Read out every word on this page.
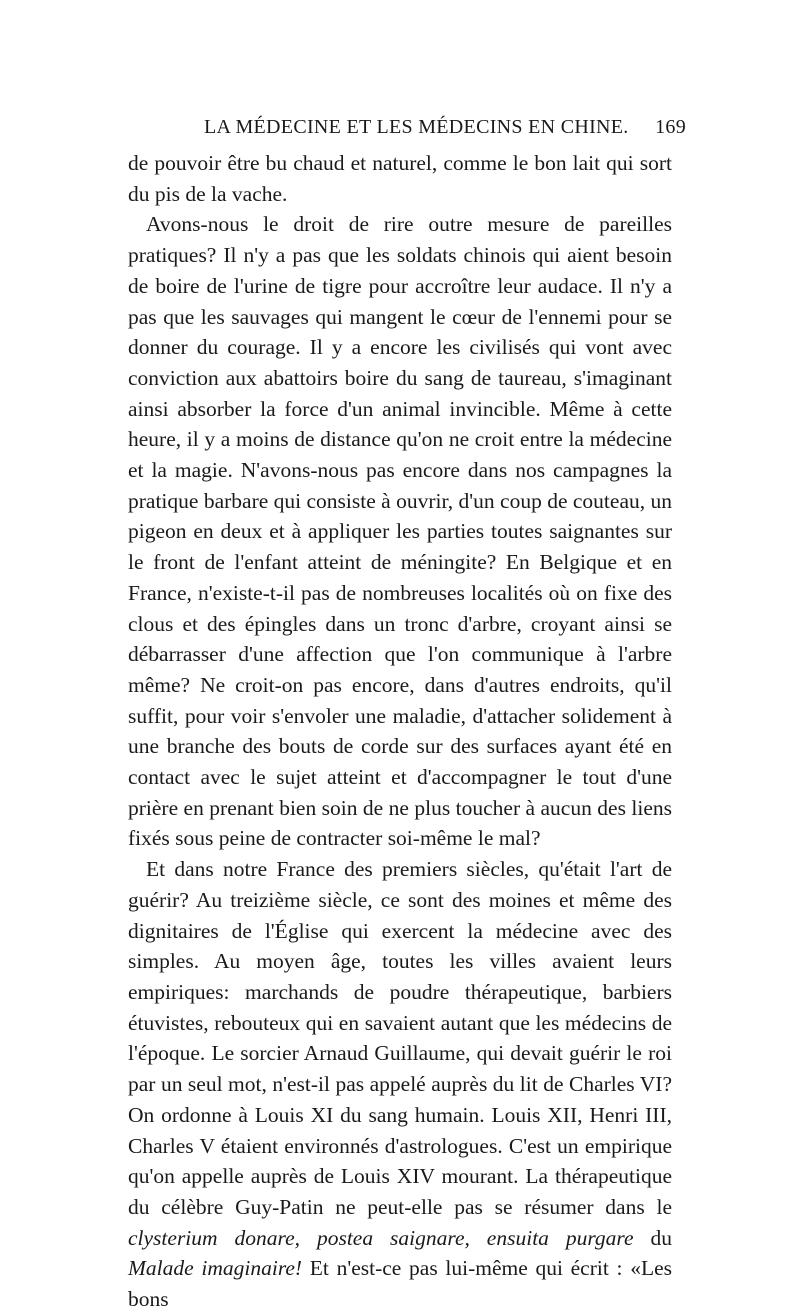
LA MÉDECINE ET LES MÉDECINS EN CHINE. 169

de pouvoir être bu chaud et naturel, comme le bon lait qui sort du pis de la vache.

Avons-nous le droit de rire outre mesure de pareilles pratiques? Il n'y a pas que les soldats chinois qui aient besoin de boire de l'urine de tigre pour accroître leur audace. Il n'y a pas que les sauvages qui mangent le cœur de l'ennemi pour se donner du courage. Il y a encore les civilisés qui vont avec conviction aux abattoirs boire du sang de taureau, s'imaginant ainsi absorber la force d'un animal invincible. Même à cette heure, il y a moins de distance qu'on ne croit entre la médecine et la magie. N'avons-nous pas encore dans nos campagnes la pratique barbare qui consiste à ouvrir, d'un coup de couteau, un pigeon en deux et à appliquer les parties toutes saignantes sur le front de l'enfant atteint de méningite? En Belgique et en France, n'existe-t-il pas de nombreuses localités où on fixe des clous et des épingles dans un tronc d'arbre, croyant ainsi se débarrasser d'une affection que l'on communique à l'arbre même? Ne croit-on pas encore, dans d'autres endroits, qu'il suffit, pour voir s'envoler une maladie, d'attacher solidement à une branche des bouts de corde sur des surfaces ayant été en contact avec le sujet atteint et d'accompagner le tout d'une prière en prenant bien soin de ne plus toucher à aucun des liens fixés sous peine de contracter soi-même le mal?

Et dans notre France des premiers siècles, qu'était l'art de guérir? Au treizième siècle, ce sont des moines et même des dignitaires de l'Église qui exercent la médecine avec des simples. Au moyen âge, toutes les villes avaient leurs empiriques: marchands de poudre thérapeutique, barbiers étuvistes, rebouteux qui en savaient autant que les médecins de l'époque. Le sorcier Arnaud Guillaume, qui devait guérir le roi par un seul mot, n'est-il pas appelé auprès du lit de Charles VI? On ordonne à Louis XI du sang humain. Louis XII, Henri III, Charles V étaient environnés d'astrologues. C'est un empirique qu'on appelle auprès de Louis XIV mourant. La thérapeutique du célèbre Guy-Patin ne peut-elle pas se résumer dans le clysterium donare, postea saignare, ensuita purgare du Malade imaginaire! Et n'est-ce pas lui-même qui écrit : «Les bons
